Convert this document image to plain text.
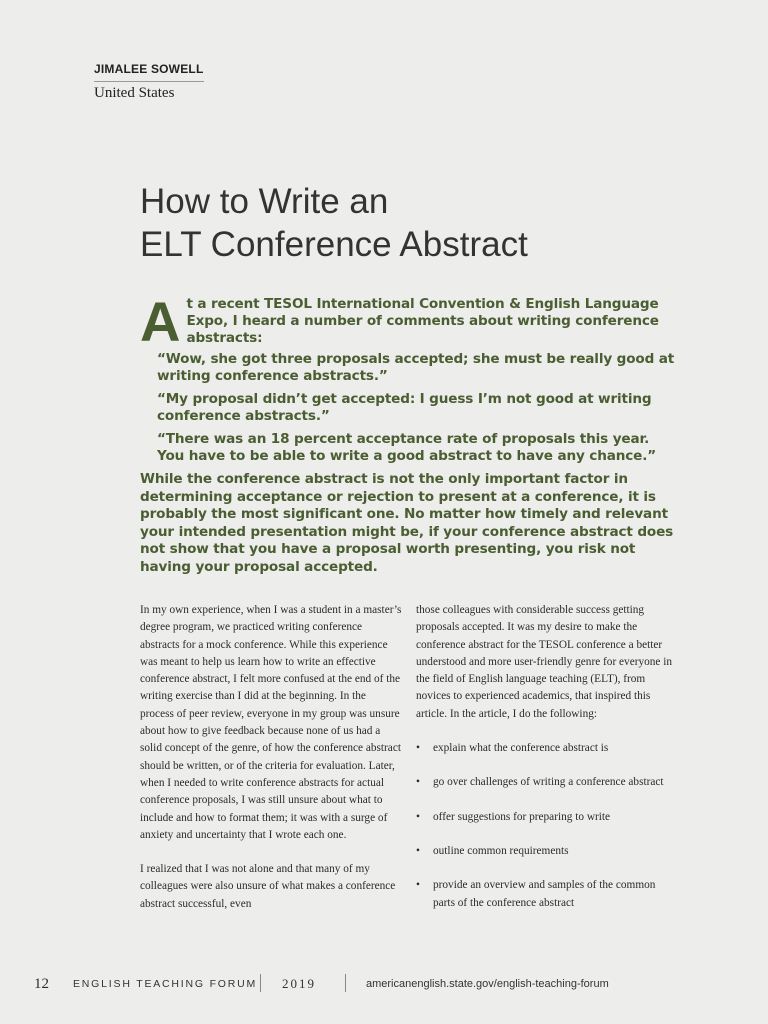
JIMALEE SOWELL
United States
How to Write an
ELT Conference Abstract
A t a recent TESOL International Convention & English Language Expo, I heard a number of comments about writing conference abstracts:

“Wow, she got three proposals accepted; she must be really good at writing conference abstracts.”

“My proposal didn’t get accepted: I guess I’m not good at writing conference abstracts.”

“There was an 18 percent acceptance rate of proposals this year. You have to be able to write a good abstract to have any chance.”

While the conference abstract is not the only important factor in determining acceptance or rejection to present at a conference, it is probably the most significant one. No matter how timely and relevant your intended presentation might be, if your conference abstract does not show that you have a proposal worth presenting, you risk not having your proposal accepted.

In my own experience, when I was a student in a master’s degree program, we practiced writing conference abstracts for a mock conference. While this experience was meant to help us learn how to write an effective conference abstract, I felt more confused at the end of the writing exercise than I did at the beginning. In the process of peer review, everyone in my group was unsure about how to give feedback because none of us had a solid concept of the genre, of how the conference abstract should be written, or of the criteria for evaluation. Later, when I needed to write conference abstracts for actual conference proposals, I was still unsure about what to include and how to format them; it was with a surge of anxiety and uncertainty that I wrote each one.

I realized that I was not alone and that many of my colleagues were also unsure of what makes a conference abstract successful, even

those colleagues with considerable success getting proposals accepted. It was my desire to make the conference abstract for the TESOL conference a better understood and more user-friendly genre for everyone in the field of English language teaching (ELT), from novices to experienced academics, that inspired this article. In the article, I do the following:

• explain what the conference abstract is
• go over challenges of writing a conference abstract
• offer suggestions for preparing to write
• outline common requirements
• provide an overview and samples of the common parts of the conference abstract
12 ENGLISH TEACHING FORUM 2019	americanenglish.state.gov/english-teaching-forum
